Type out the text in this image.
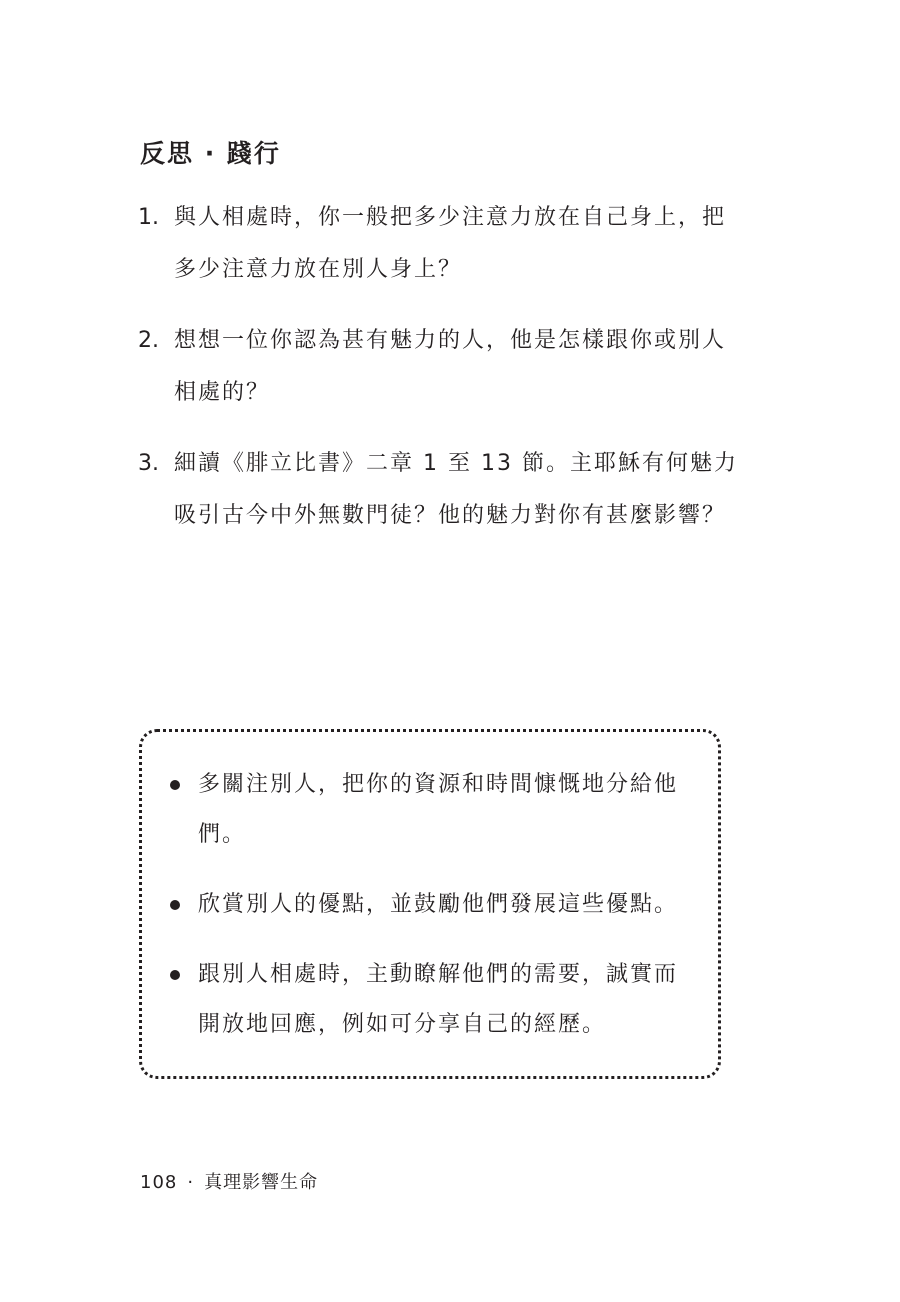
反思 · 踐行
1. 與人相處時，你一般把多少注意力放在自己身上，把多少注意力放在別人身上？
2. 想想一位你認為甚有魅力的人，他是怎樣跟你或別人相處的？
3. 細讀《腓立比書》二章 1 至 13 節。主耶穌有何魅力吸引古今中外無數門徒？他的魅力對你有甚麼影響？
多關注別人，把你的資源和時間慷慨地分給他們。
欣賞別人的優點，並鼓勵他們發展這些優點。
跟別人相處時，主動瞭解他們的需要，誠實而開放地回應，例如可分享自己的經歷。
108 · 真理影響生命
